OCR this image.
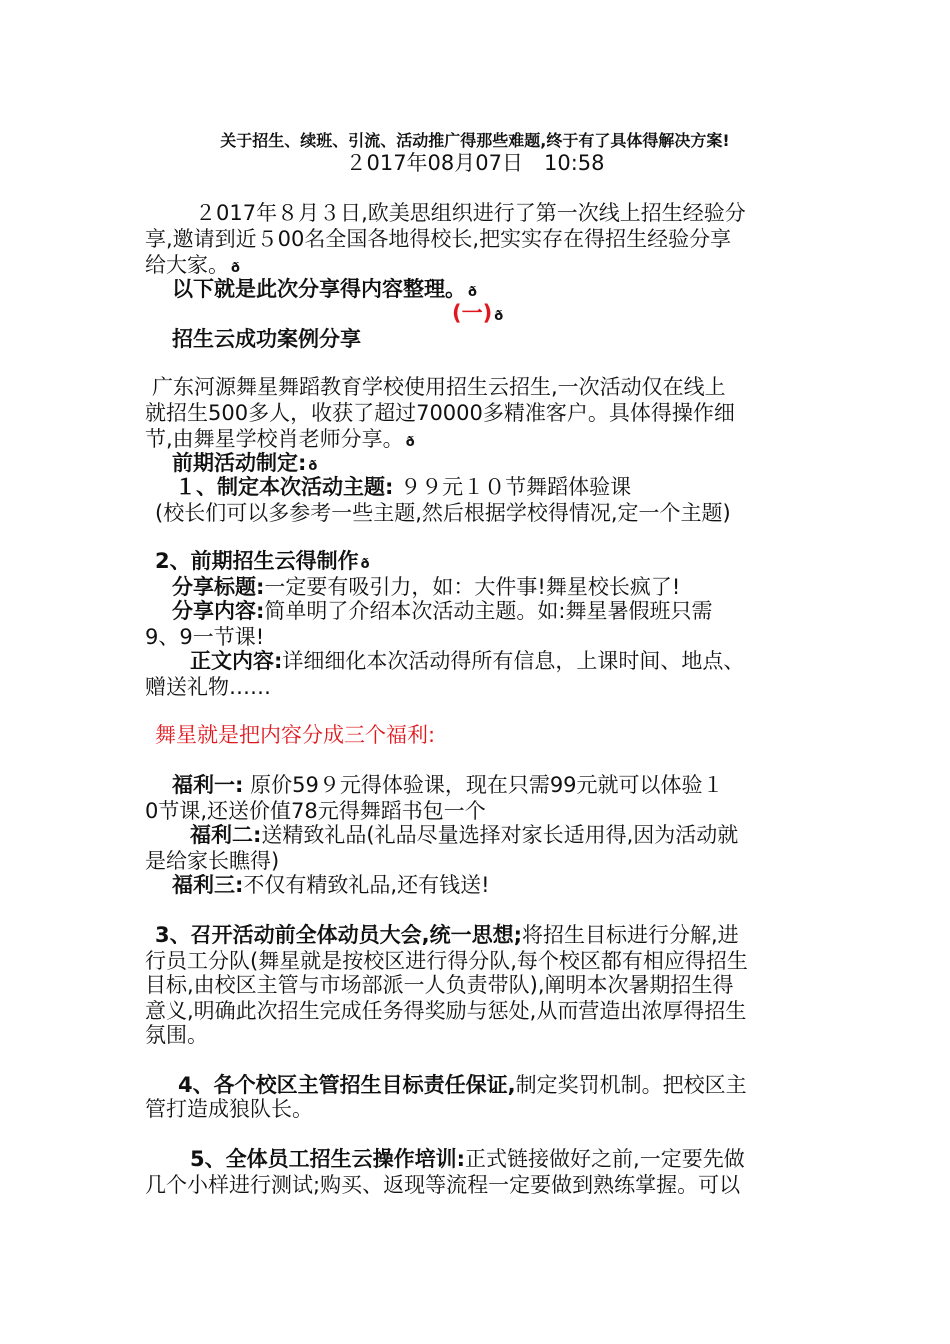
关于招生、续班、引流、活动推广得那些难题,终于有了具体得解决方案!
２017年08月07日　10:58
２017年８月３日,欧美思组织进行了第一次线上招生经验分
享,邀请到近５00名全国各地得校长,把实实存在得招生经验分享
给大家。 ð
以下就是此次分享得内容整理。 ð
(一) ð
招生云成功案例分享
广东河源舞星舞蹈教育学校使用招生云招生,一次活动仅在线上
就招生500多人，收获了超过70000多精准客户。具体得操作细
节,由舞星学校肖老师分享。 ð
前期活动制定: ð
１、制定本次活动主题: ９９元１０节舞蹈体验课
(校长们可以多参考一些主题,然后根据学校得情况,定一个主题)
2、前期招生云得制作 ð
分享标题:一定要有吸引力，如：大件事!舞星校长疯了!
分享内容:简单明了介绍本次活动主题。如:舞星暑假班只需
9、9一节课!
正文内容:详细细化本次活动得所有信息，上课时间、地点、
赠送礼物……
舞星就是把内容分成三个福利:
福利一: 原价59９元得体验课，现在只需99元就可以体验１
0节课,还送价值78元得舞蹈书包一个
福利二:送精致礼品(礼品尽量选择对家长适用得,因为活动就
是给家长瞧得)
福利三:不仅有精致礼品,还有钱送!
3、召开活动前全体动员大会,统一思想;将招生目标进行分解,进
行员工分队(舞星就是按校区进行得分队,每个校区都有相应得招生
目标,由校区主管与市场部派一人负责带队),阐明本次暑期招生得
意义,明确此次招生完成任务得奖励与惩处,从而营造出浓厚得招生
氛围。
4、各个校区主管招生目标责任保证,制定奖罚机制。把校区主
管打造成狼队长。
5、全体员工招生云操作培训:正式链接做好之前,一定要先做
几个小样进行测试;购买、返现等流程一定要做到熟练掌握。可以
